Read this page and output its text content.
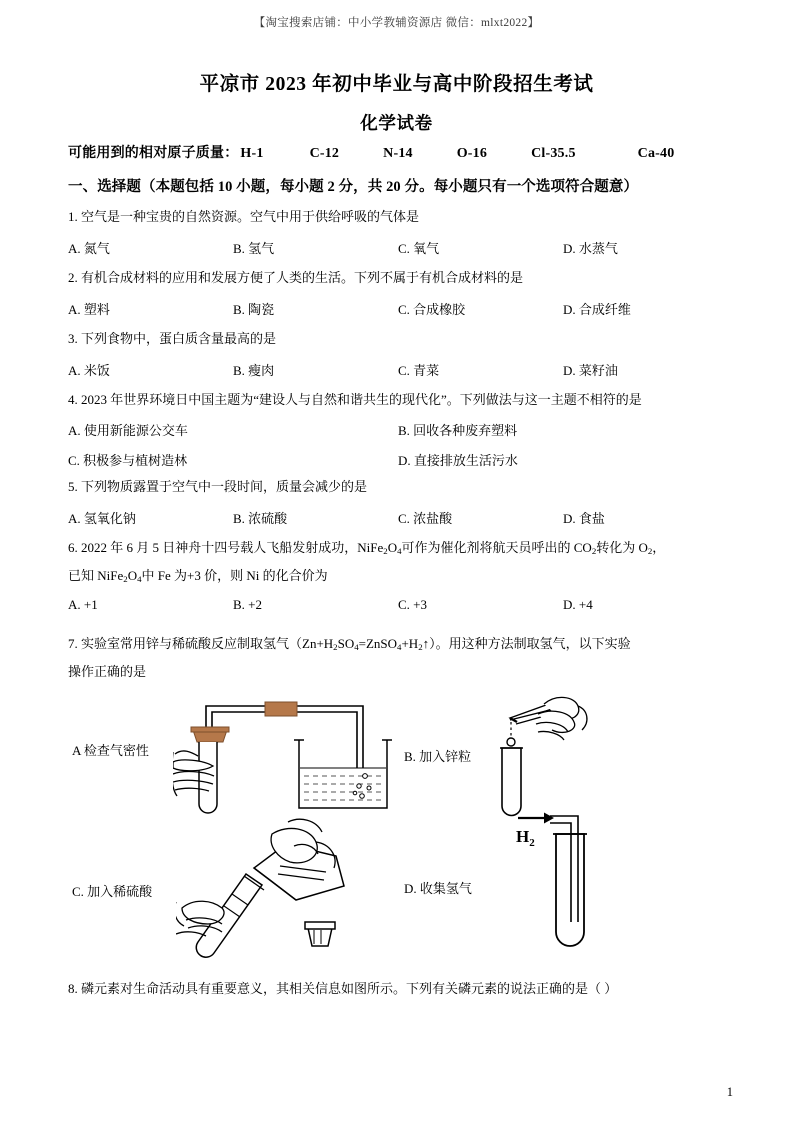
【淘宝搜索店铺：中小学教辅资源店 微信：mlxt2022】
平凉市 2023 年初中毕业与高中阶段招生考试
化学试卷
可能用到的相对原子质量： H-1	C-12	N-14	O-16	Cl-35.5	Ca-40
一、选择题（本题包括 10 小题，每小题 2 分，共 20 分。每小题只有一个选项符合题意）
1. 空气是一种宝贵的自然资源。空气中用于供给呼吸的气体是
A. 氮气	B. 氢气	C. 氧气	D. 水蒸气
2. 有机合成材料的应用和发展方便了人类的生活。下列不属于有机合成材料的是
A. 塑料	B. 陶瓷	C. 合成橡胶	D. 合成纤维
3. 下列食物中，蛋白质含量最高的是
A. 米饭	B. 瘦肉	C. 青菜	D. 菜籽油
4. 2023 年世界环境日中国主题为“建设人与自然和谐共生的现代化”。下列做法与这一主题不相符的是
A. 使用新能源公交车	B. 回收各种废弃塑料
C. 积极参与植树造林	D. 直接排放生活污水
5. 下列物质露置于空气中一段时间，质量会减少的是
A. 氢氧化钠	B. 浓硫酸	C. 浓盐酸	D. 食盐
6. 2022 年 6 月 5 日神舟十四号载人飞船发射成功，$NiFe_2O_4$可作为催化剂将航天员呼出的 $CO_2$转化为 $O_2$，
已知 $NiFe_2O_4$中 Fe 为+3 价，则 Ni 的化合价为
A. +1	B. +2	C. +3	D. +4
7. 实验室常用锌与稀硫酸反应制取氢气$(Zn+H_2SO_4=ZnSO_4+H_2↑)$。用这种方法制取氢气，以下实验
操作正确的是
A 检查气密性	B. 加入锌粒
C. 加入稀硫酸	D. 收集氢气
$H_2$
8. 磷元素对生命活动具有重要意义，其相关信息如图所示。下列有关磷元素的说法正确的是（ ）
1
